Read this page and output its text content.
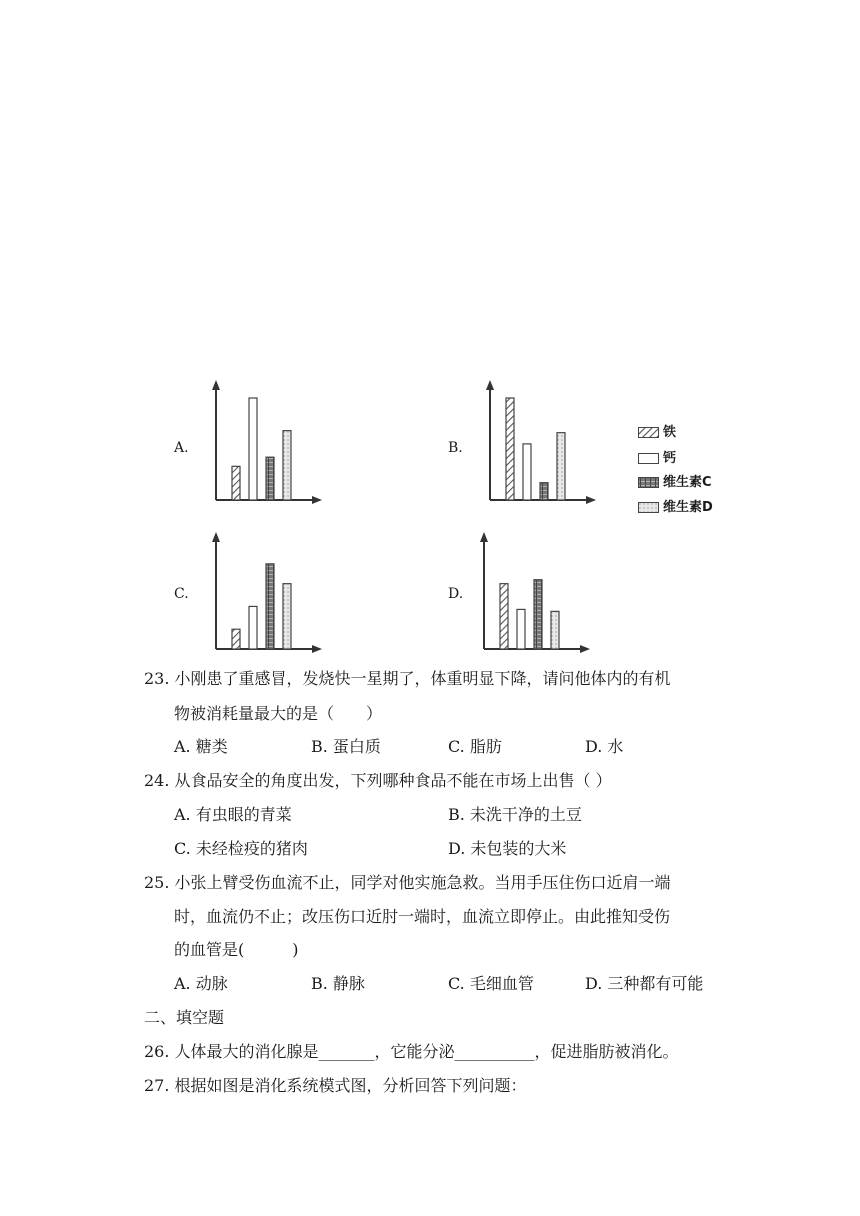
A.	B.
铁
钙
维生素C
维生素D
C.	D.
23. 小刚患了重感冒，发烧快一星期了，体重明显下降，请问他体内的有机
物被消耗量最大的是（　　）
A. 糖类	B. 蛋白质	C. 脂肪	D. 水
24. 从食品安全的角度出发，下列哪种食品不能在市场上出售（ ）
A. 有虫眼的青菜	B. 未洗干净的土豆
C. 未经检疫的猪肉	D. 未包装的大米
25. 小张上臂受伤血流不止，同学对他实施急救。当用手压住伤口近肩一端
时，血流仍不止；改压伤口近肘一端时，血流立即停止。由此推知受伤
的血管是(　　　)
A. 动脉	B. 静脉	C. 毛细血管	D. 三种都有可能
二、填空题
26. 人体最大的消化腺是_______，它能分泌__________，促进脂肪被消化。
27. 根据如图是消化系统模式图，分析回答下列问题：
